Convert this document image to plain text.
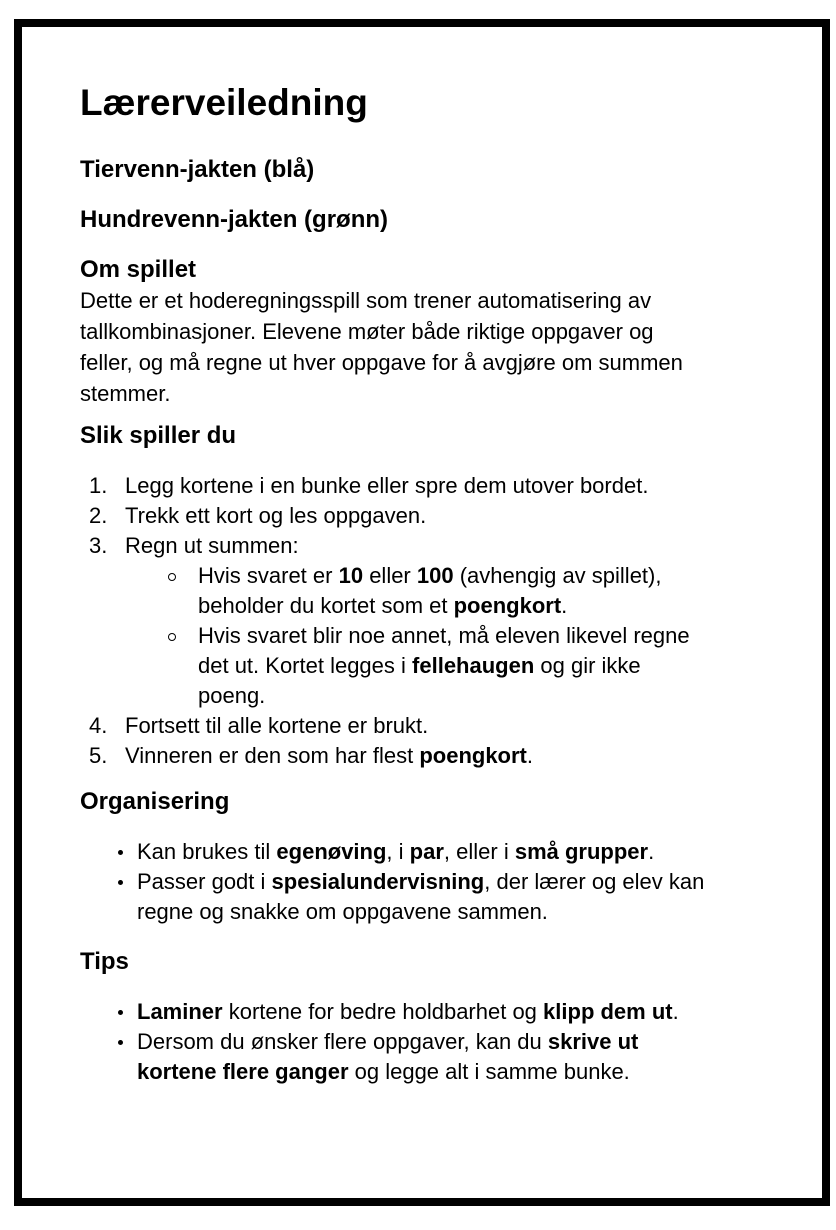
Lærerveiledning

Tiervenn-jakten (blå)

Hundrevenn-jakten (grønn)

Om spillet

Dette er et hoderegningsspill som trener automatisering av
tallkombinasjoner. Elevene møter både riktige oppgaver og
feller, og må regne ut hver oppgave for å avgjøre om summen
stemmer.

Slik spiller du
1. Legg kortene i en bunke eller spre dem utover bordet.
2. Trekk ett kort og les oppgaven.
3. Regn ut summen:
Hvis svaret er 10 eller 100 (avhengig av spillet),
beholder du kortet som et poengkort.
Hvis svaret blir noe annet, må eleven likevel regne
det ut. Kortet legges i fellehaugen og gir ikke
poeng.
4. Fortsett til alle kortene er brukt.
5. Vinneren er den som har flest poengkort.
Organisering
Kan brukes til egenøving, i par, eller i små grupper.
Passer godt i spesialundervisning, der lærer og elev kan
regne og snakke om oppgavene sammen.
Tips
Laminer kortene for bedre holdbarhet og klipp dem ut.
Dersom du ønsker flere oppgaver, kan du skrive ut
kortene flere ganger og legge alt i samme bunke.
